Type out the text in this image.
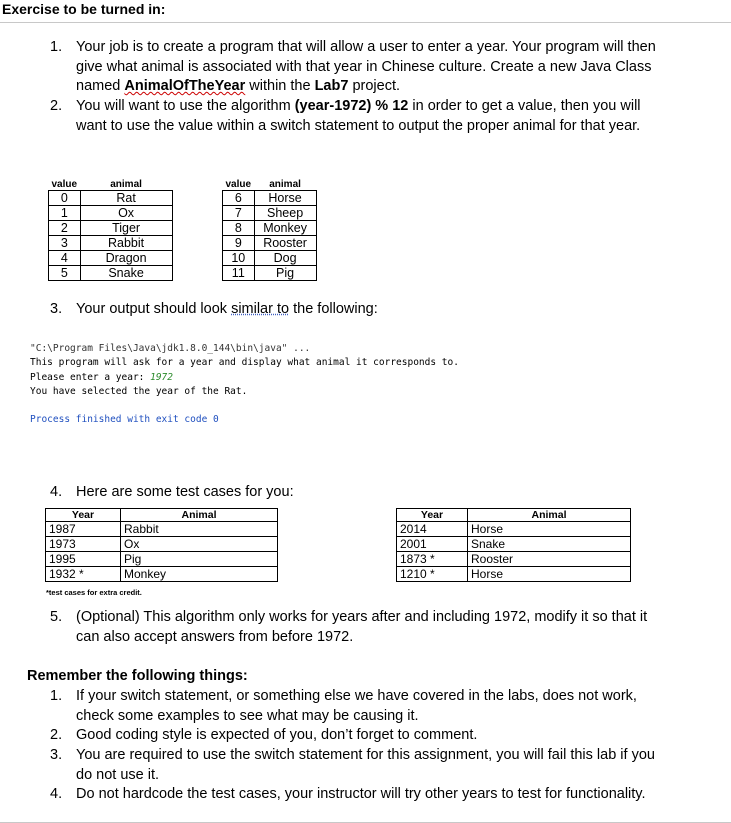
Exercise to be turned in:
1. Your job is to create a program that will allow a user to enter a year. Your program will then give what animal is associated with that year in Chinese culture. Create a new Java Class named AnimalOfTheYear within the Lab7 project.
2. You will want to use the algorithm (year-1972) % 12 in order to get a value, then you will want to use the value within a switch statement to output the proper animal for that year.
value	animal
0	Rat
1	Ox
2	Tiger
3	Rabbit
4	Dragon
5	Snake
value	animal
6	Horse
7	Sheep
8	Monkey
9	Rooster
10	Dog
11	Pig
3. Your output should look similar to the following:
"C:\Program Files\Java\jdk1.8.0_144\bin\java" ...
This program will ask for a year and display what animal it corresponds to.
Please enter a year: 1972
You have selected the year of the Rat.

Process finished with exit code 0
4. Here are some test cases for you:
Year	Animal
1987	Rabbit
1973	Ox
1995	Pig
1932 *	Monkey
Year	Animal
2014	Horse
2001	Snake
1873 *	Rooster
1210 *	Horse
*test cases for extra credit.
5. (Optional) This algorithm only works for years after and including 1972, modify it so that it can also accept answers from before 1972.
Remember the following things:
1. If your switch statement, or something else we have covered in the labs, does not work, check some examples to see what may be causing it.
2. Good coding style is expected of you, don’t forget to comment.
3. You are required to use the switch statement for this assignment, you will fail this lab if you do not use it.
4. Do not hardcode the test cases, your instructor will try other years to test for functionality.
